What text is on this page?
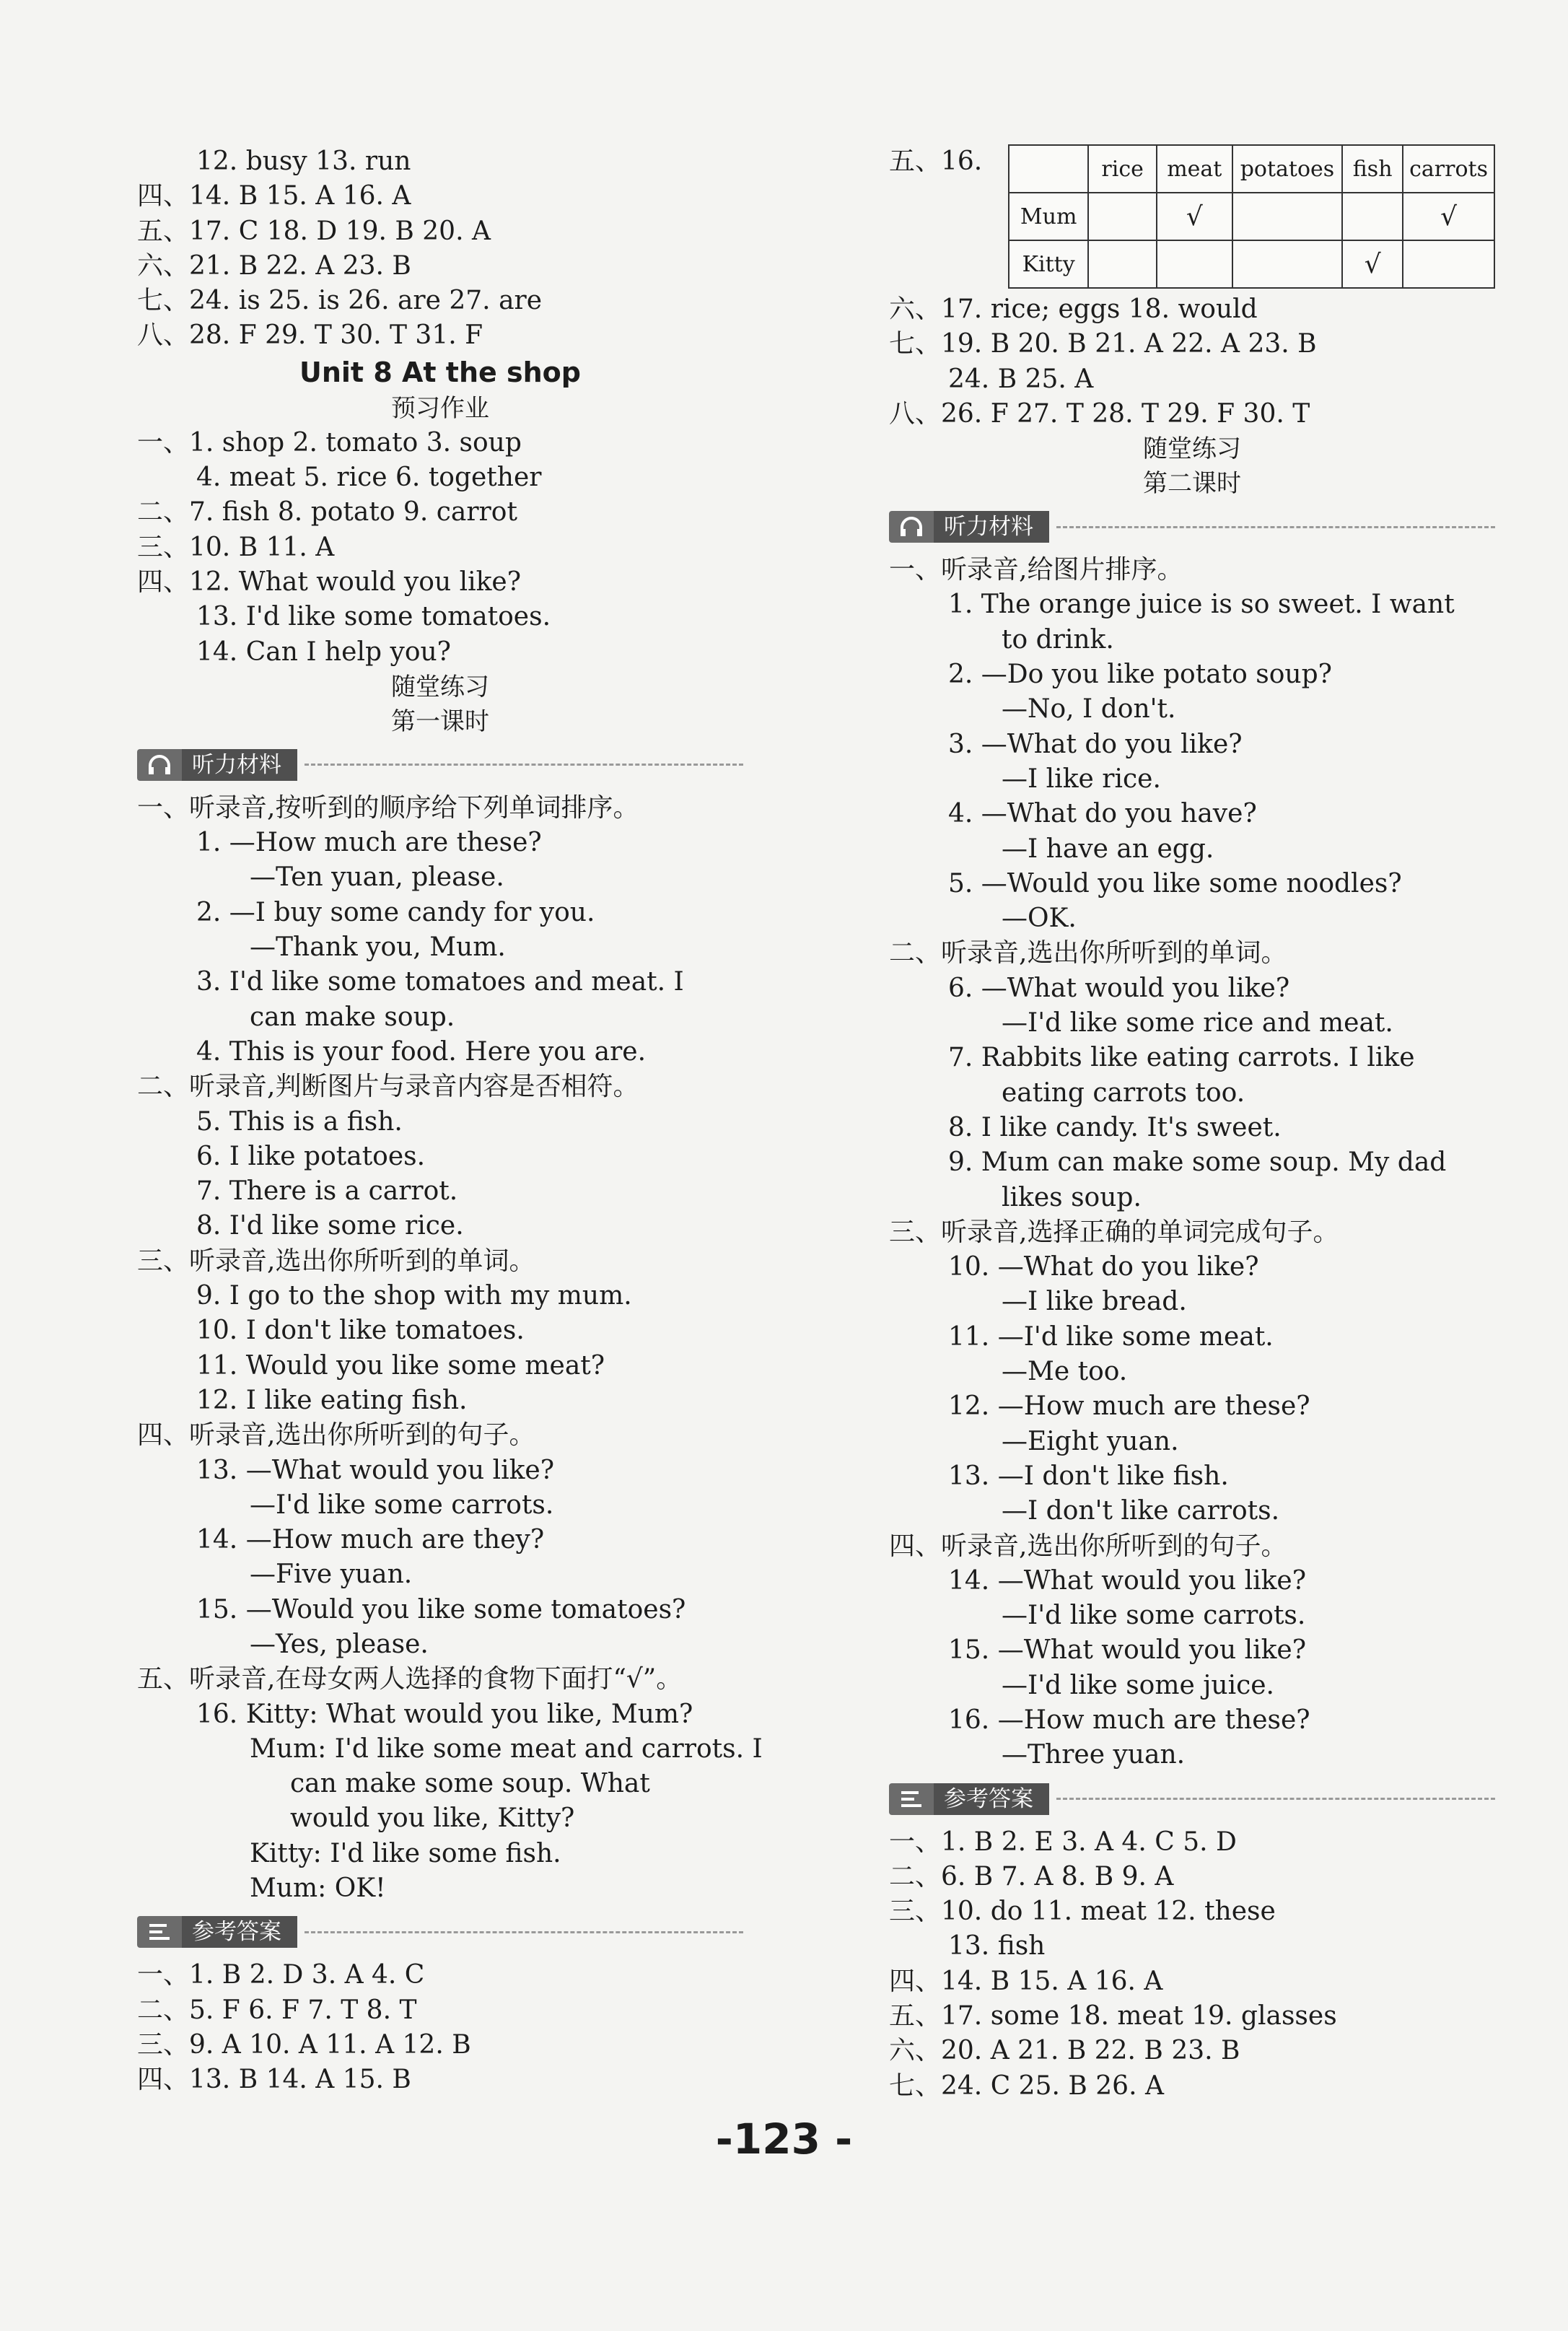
12. busy 13. run
四、14. B 15. A 16. A
五、17. C 18. D 19. B 20. A
六、21. B 22. A 23. B
七、24. is 25. is 26. are 27. are
八、28. F 29. T 30. T 31. F
Unit 8 At the shop
预习作业
一、1. shop 2. tomato 3. soup
4. meat 5. rice 6. together
二、7. fish 8. potato 9. carrot
三、10. B 11. A
四、12. What would you like?
13. I'd like some tomatoes.
14. Can I help you?
随堂练习
第一课时
听力材料
一、听录音,按听到的顺序给下列单词排序。
1. —How much are these?
—Ten yuan, please.
2. —I buy some candy for you.
—Thank you, Mum.
3. I'd like some tomatoes and meat. I
can make soup.
4. This is your food. Here you are.
二、听录音,判断图片与录音内容是否相符。
5. This is a fish.
6. I like potatoes.
7. There is a carrot.
8. I'd like some rice.
三、听录音,选出你所听到的单词。
9. I go to the shop with my mum.
10. I don't like tomatoes.
11. Would you like some meat?
12. I like eating fish.
四、听录音,选出你所听到的句子。
13. —What would you like?
—I'd like some carrots.
14. —How much are they?
—Five yuan.
15. —Would you like some tomatoes?
—Yes, please.
五、听录音,在母女两人选择的食物下面打“√”。
16. Kitty: What would you like, Mum?
Mum: I'd like some meat and carrots. I
can make some soup. What
would you like, Kitty?
Kitty: I'd like some fish.
Mum: OK!
参考答案
一、1. B 2. D 3. A 4. C
二、5. F 6. F 7. T 8. T
三、9. A 10. A 11. A 12. B
四、13. B 14. A 15. B
五、16.
		rice	meat	potatoes	fish	carrots
Mum		√			√
Kitty				√	
六、17. rice; eggs 18. would
七、19. B 20. B 21. A 22. A 23. B
24. B 25. A
八、26. F 27. T 28. T 29. F 30. T
随堂练习
第二课时
听力材料
一、听录音,给图片排序。
1. The orange juice is so sweet. I want
to drink.
2. —Do you like potato soup?
—No, I don't.
3. —What do you like?
—I like rice.
4. —What do you have?
—I have an egg.
5. —Would you like some noodles?
—OK.
二、听录音,选出你所听到的单词。
6. —What would you like?
—I'd like some rice and meat.
7. Rabbits like eating carrots. I like
eating carrots too.
8. I like candy. It's sweet.
9. Mum can make some soup. My dad
likes soup.
三、听录音,选择正确的单词完成句子。
10. —What do you like?
—I like bread.
11. —I'd like some meat.
—Me too.
12. —How much are these?
—Eight yuan.
13. —I don't like fish.
—I don't like carrots.
四、听录音,选出你所听到的句子。
14. —What would you like?
—I'd like some carrots.
15. —What would you like?
—I'd like some juice.
16. —How much are these?
—Three yuan.
参考答案
一、1. B 2. E 3. A 4. C 5. D
二、6. B 7. A 8. B 9. A
三、10. do 11. meat 12. these
13. fish
四、14. B 15. A 16. A
五、17. some 18. meat 19. glasses
六、20. A 21. B 22. B 23. B
七、24. C 25. B 26. A
-123 -
